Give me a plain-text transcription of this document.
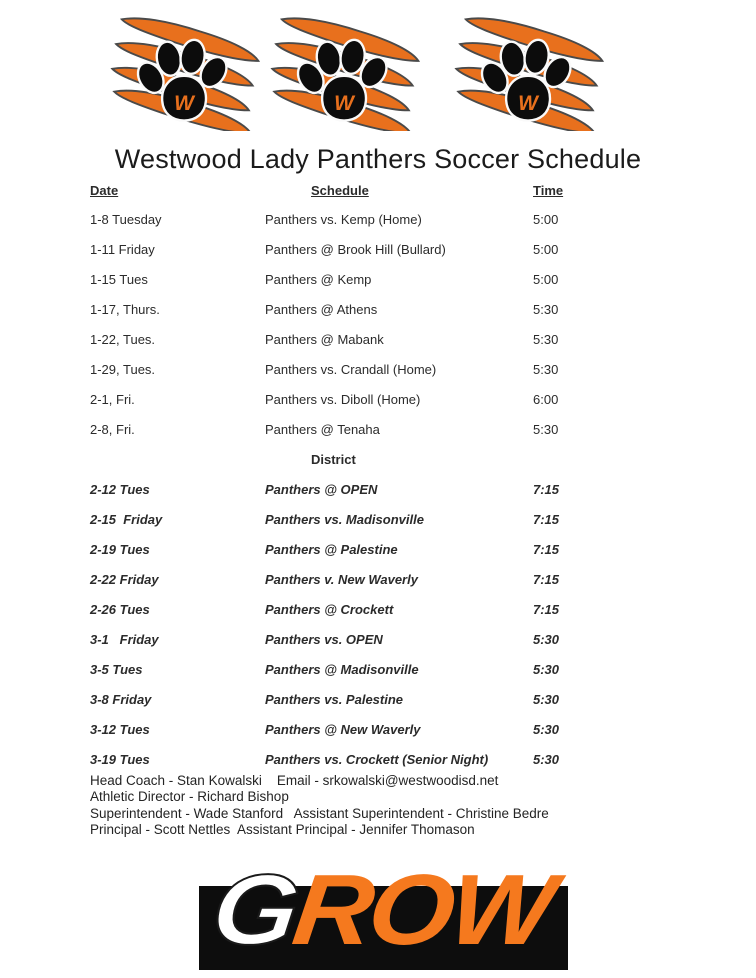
Westwood Lady Panthers Soccer Schedule
Date	Schedule	Time
1-8 Tuesday	Panthers vs. Kemp (Home)	5:00
1-11 Friday	Panthers @ Brook Hill (Bullard)	5:00
1-15 Tues	Panthers @ Kemp	5:00
1-17, Thurs.	Panthers @ Athens	5:30
1-22, Tues.	Panthers @ Mabank	5:30
1-29, Tues.	Panthers vs. Crandall (Home)	5:30
2-1, Fri.	Panthers vs. Diboll (Home)	6:00
2-8, Fri.	Panthers @ Tenaha	5:30
District
2-12 Tues	Panthers @ OPEN	7:15
2-15  Friday	Panthers vs. Madisonville	7:15
2-19 Tues	Panthers @ Palestine	7:15
2-22 Friday	Panthers v. New Waverly	7:15
2-26 Tues	Panthers @ Crockett	7:15
3-1   Friday	Panthers vs. OPEN	5:30
3-5 Tues	Panthers @ Madisonville	5:30
3-8 Friday	Panthers vs. Palestine	5:30
3-12 Tues	Panthers @ New Waverly	5:30
3-19 Tues	Panthers vs. Crockett (Senior Night)	5:30
Head Coach - Stan Kowalski    Email - srkowalski@westwoodisd.net
Athletic Director - Richard Bishop
Superintendent - Wade Stanford   Assistant Superintendent - Christine Bedre
Principal - Scott Nettles  Assistant Principal - Jennifer Thomason
GROW
